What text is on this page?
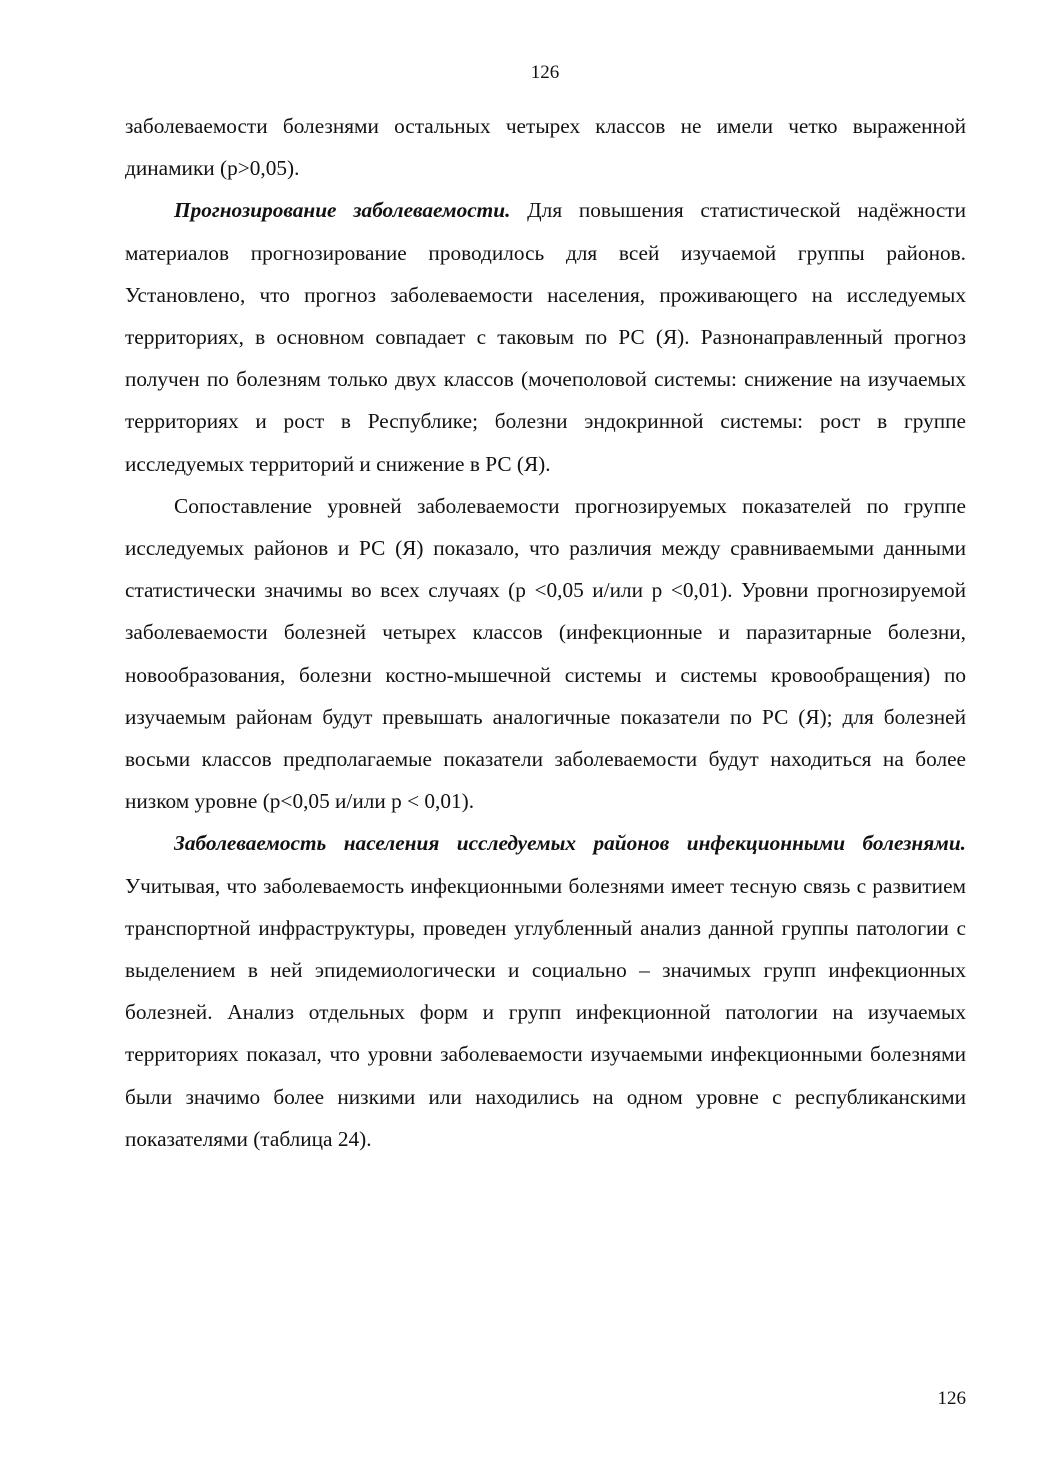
126

заболеваемости болезнями остальных четырех классов не имели четко выраженной динамики (p>0,05).

Прогнозирование заболеваемости. Для повышения статистической надёжности материалов прогнозирование проводилось для всей изучаемой группы районов. Установлено, что прогноз заболеваемости населения, проживающего на исследуемых территориях, в основном совпадает с таковым по РС (Я). Разнонаправленный прогноз получен по болезням только двух классов (мочеполовой системы: снижение на изучаемых территориях и рост в Республике; болезни эндокринной системы: рост в группе исследуемых территорий и снижение в РС (Я).

Сопоставление уровней заболеваемости прогнозируемых показателей по группе исследуемых районов и РС (Я) показало, что различия между сравниваемыми данными статистически значимы во всех случаях (р <0,05 и/или р <0,01). Уровни прогнозируемой заболеваемости болезней четырех классов (инфекционные и паразитарные болезни, новообразования, болезни костно-мышечной системы и системы кровообращения) по изучаемым районам будут превышать аналогичные показатели по РС (Я); для болезней восьми классов предполагаемые показатели заболеваемости будут находиться на более низком уровне (р<0,05 и/или р < 0,01).

Заболеваемость населения исследуемых районов инфекционными болезнями. Учитывая, что заболеваемость инфекционными болезнями имеет тесную связь с развитием транспортной инфраструктуры, проведен углубленный анализ данной группы патологии с выделением в ней эпидемиологически и социально – значимых групп инфекционных болезней. Анализ отдельных форм и групп инфекционной патологии на изучаемых территориях показал, что уровни заболеваемости изучаемыми инфекционными болезнями были значимо более низкими или находились на одном уровне с республиканскими показателями (таблица 24).

126
